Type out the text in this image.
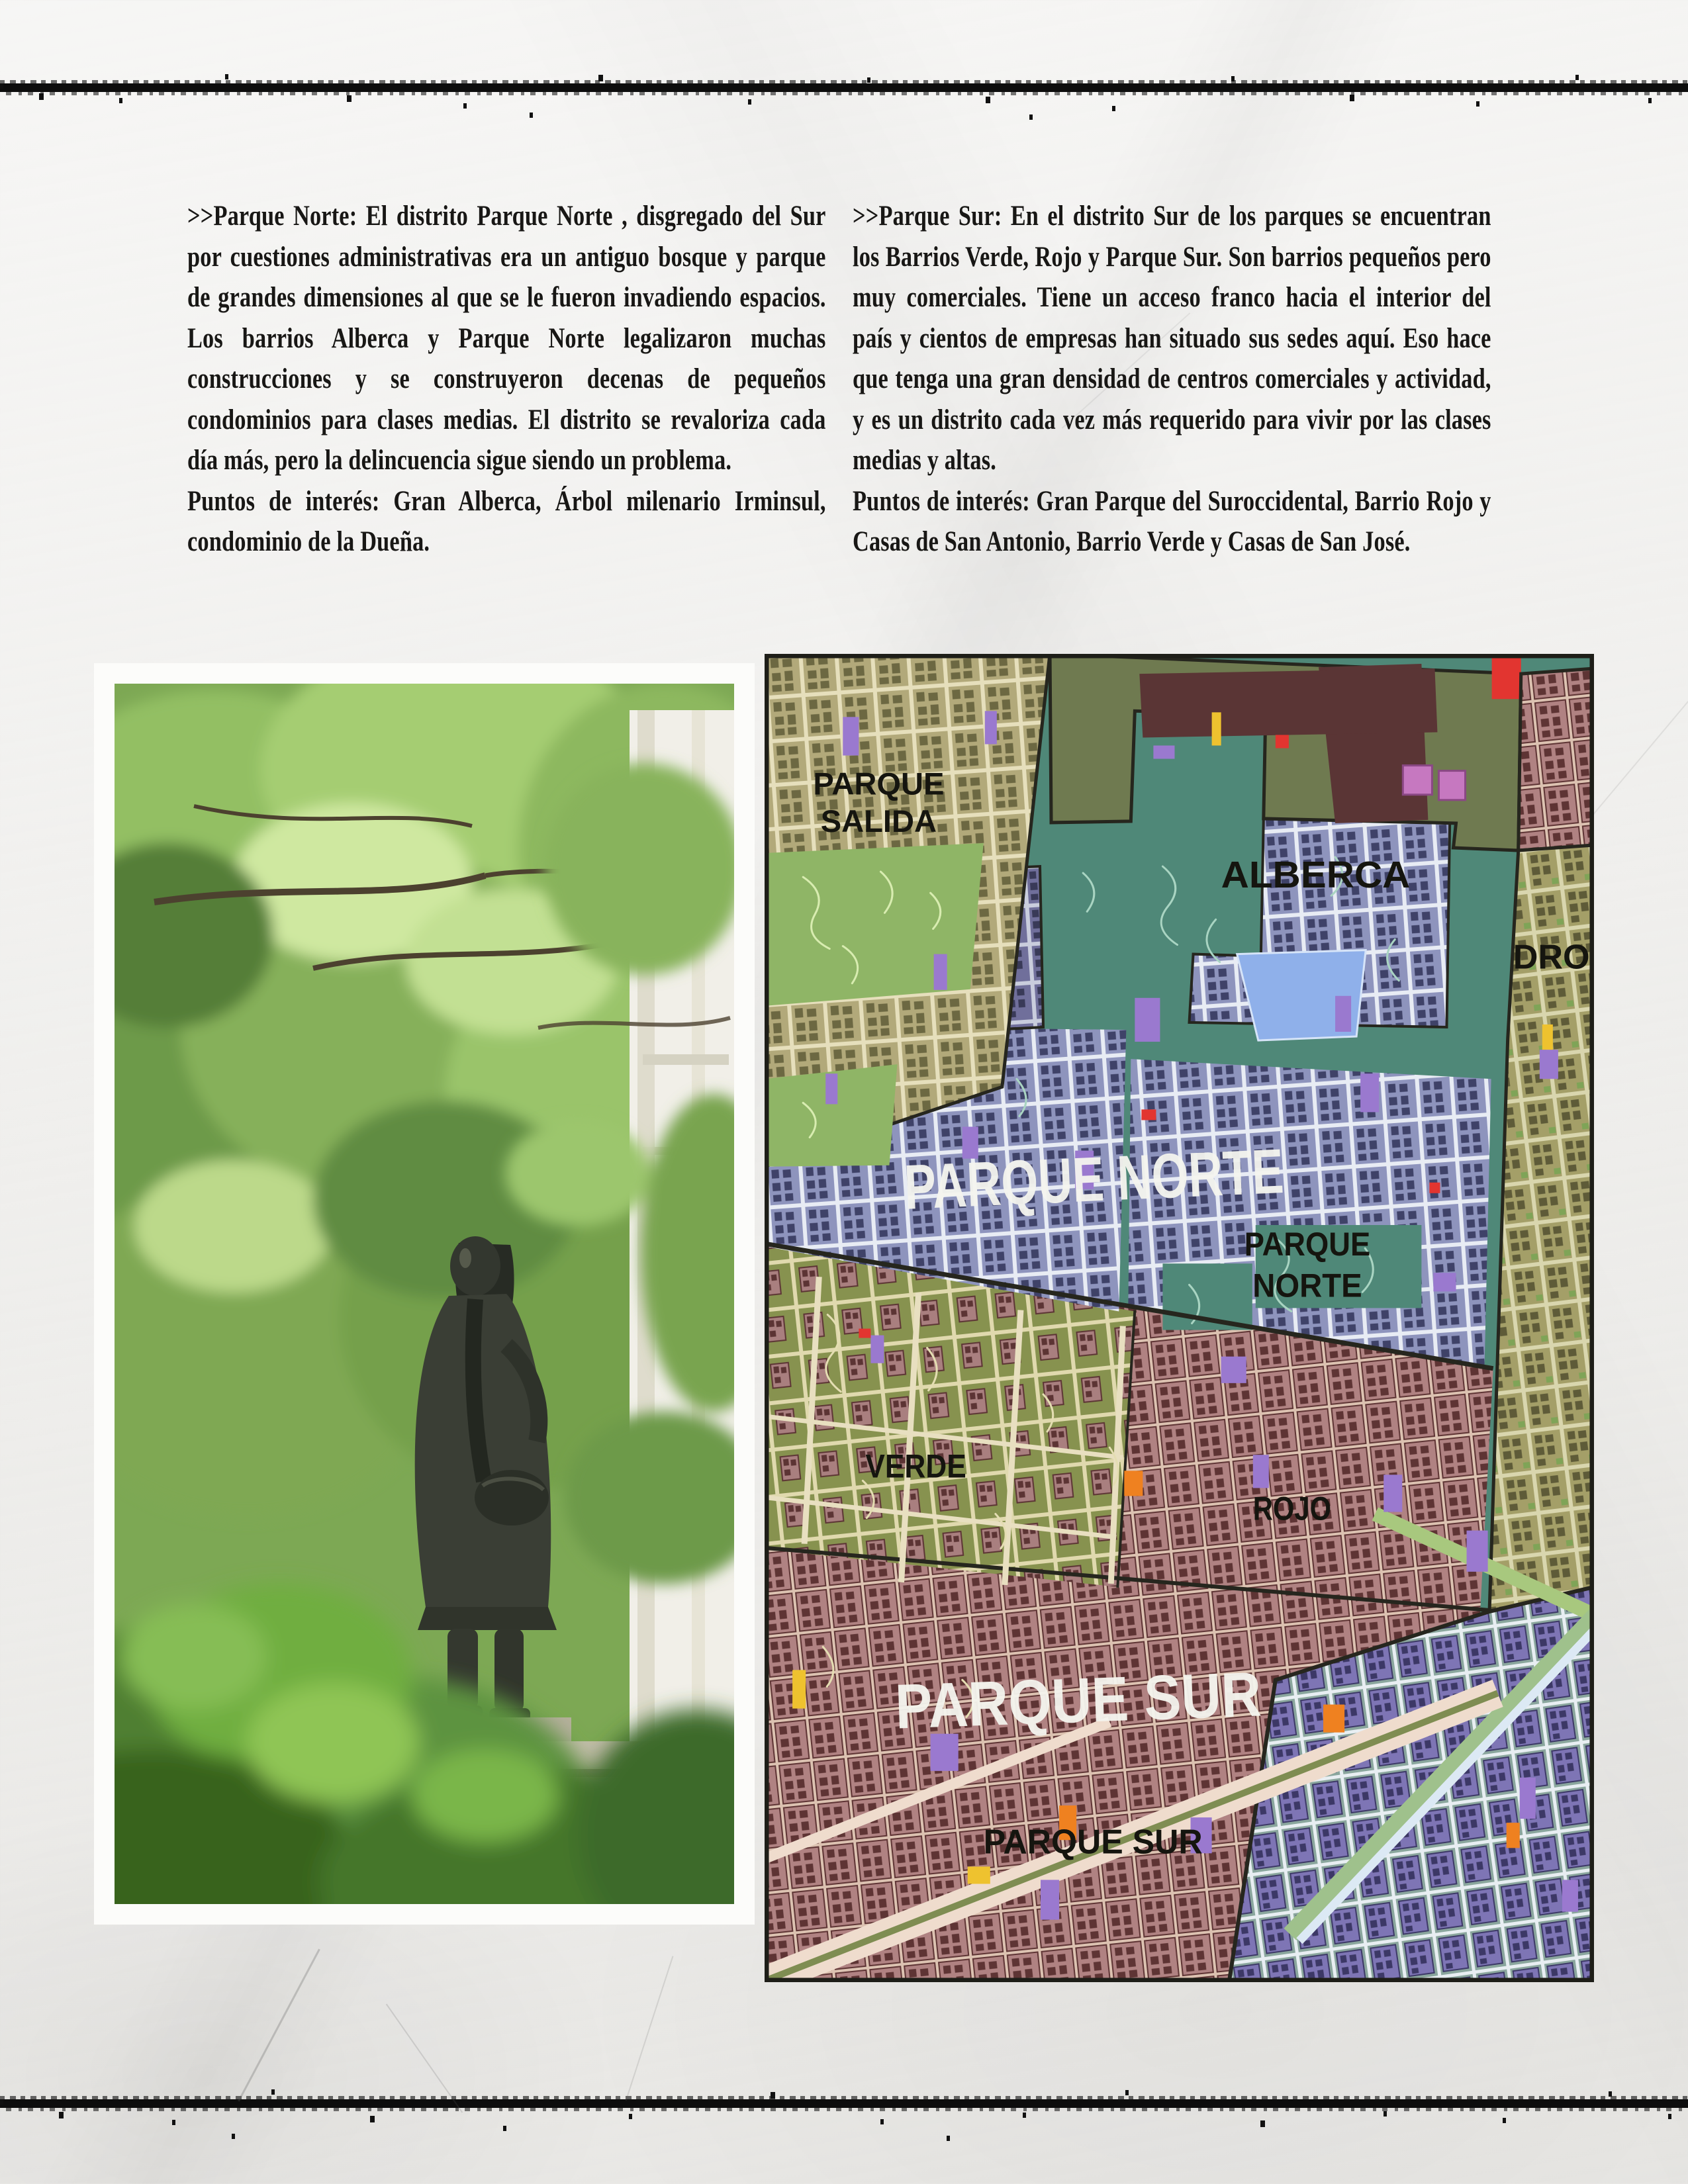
>>Parque Norte: El distrito Parque Norte , disgregado del Sur por cuestiones administrativas era un antiguo bosque y parque de grandes dimensiones al que se le fueron invadiendo espacios. Los barrios Alberca y Parque Norte legalizaron muchas construcciones y se construyeron decenas de pequeños condominios para clases medias. El distrito se revaloriza cada día más, pero la delincuencia sigue siendo un problema.

Puntos de interés: Gran Alberca, Árbol milenario Irminsul, condominio de la Dueña.

>>Parque Sur: En el distrito Sur de los parques se encuentran los Barrios Verde, Rojo y Parque Sur. Son barrios pequeños pero muy comerciales. Tiene un acceso franco hacia el interior del país y cientos de empresas han situado sus sedes aquí. Eso hace que tenga una gran densidad de centros comerciales y actividad, y es un distrito cada vez más requerido para vivir por las clases medias y altas.

Puntos de interés: Gran Parque del Suroccidental, Barrio Rojo y Casas de San Antonio, Barrio Verde y Casas de San José.

PARQUE
SALIDA
ALBERCA
DRO
PARQUE NORTE
PARQUE
NORTE
VERDE
ROJO
PARQUE SUR
PARQUE SUR
